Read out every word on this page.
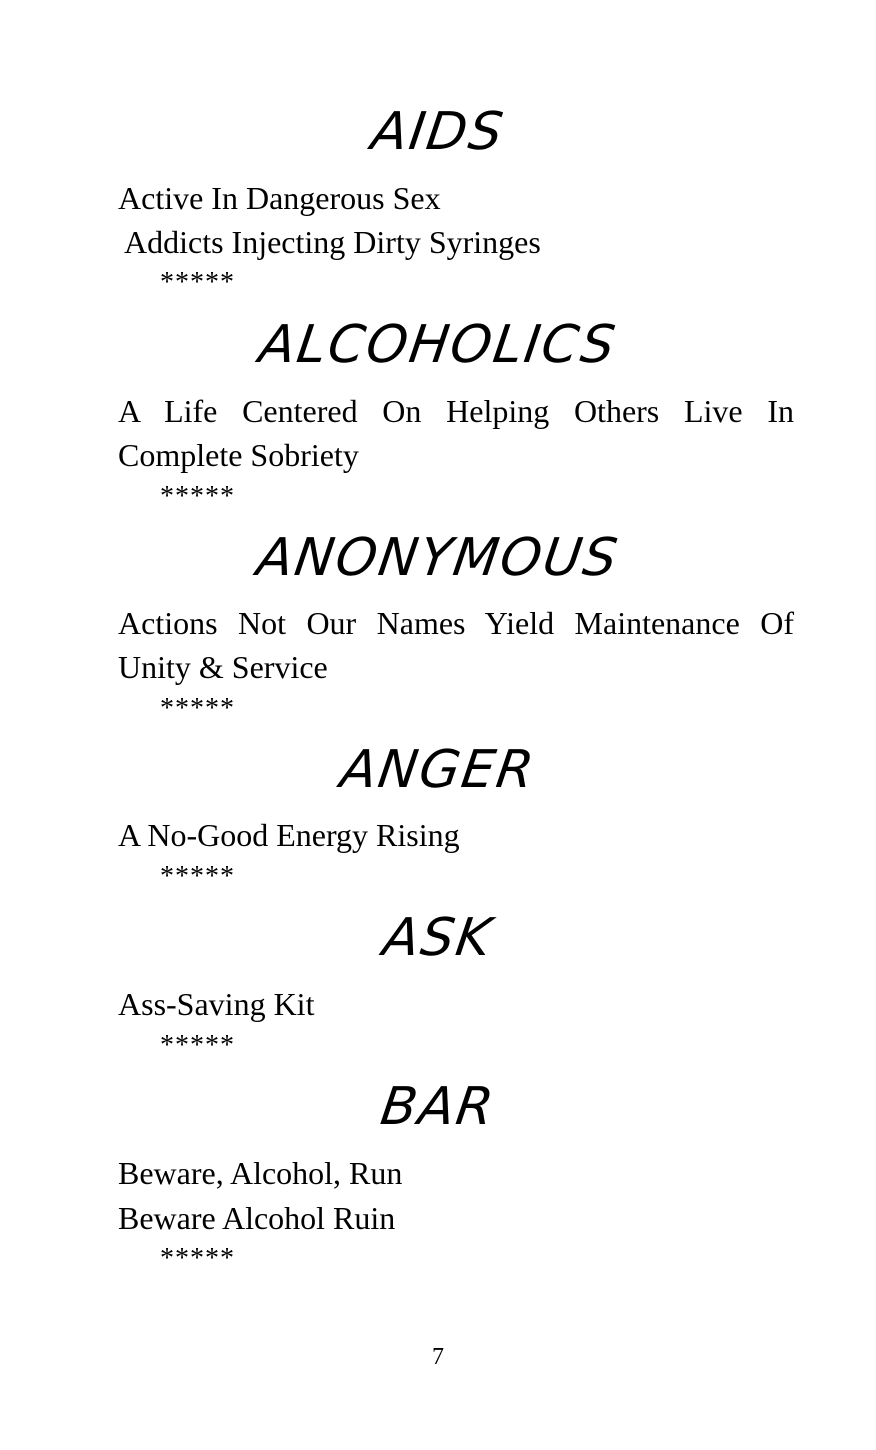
AIDS
Active In Dangerous Sex
Addicts Injecting Dirty Syringes
*****
ALCOHOLICS
A Life Centered On Helping Others Live In
Complete Sobriety
*****
ANONYMOUS
Actions Not Our Names Yield Maintenance Of
Unity & Service
*****
ANGER
A No-Good Energy Rising
*****
ASK
Ass-Saving Kit
*****
BAR
Beware, Alcohol, Run
Beware Alcohol Ruin
*****
7
